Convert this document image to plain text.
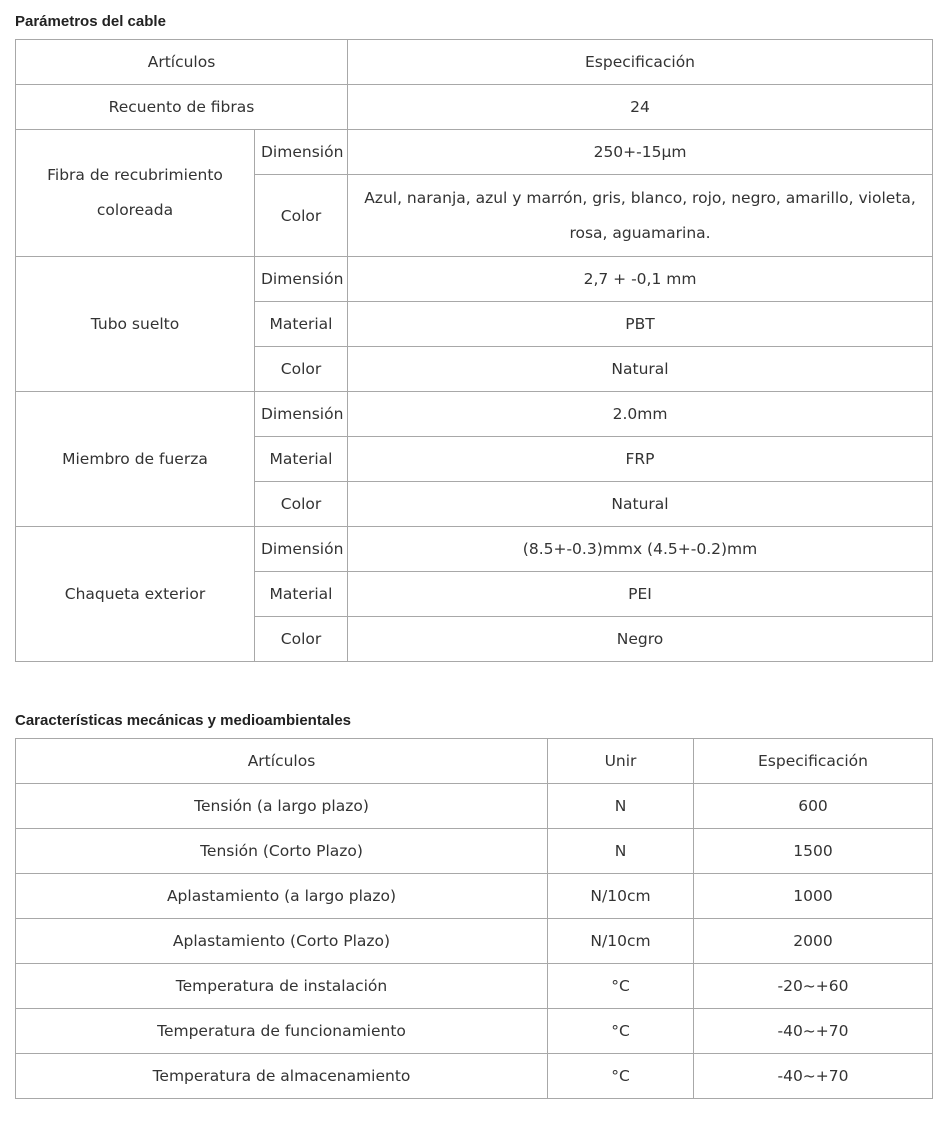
Parámetros del cable
Artículos		Especificación
Recuento de fibras		24
Fibra de recubrimiento coloreada	Dimensión	250+-15μm
	Color	Azul, naranja, azul y marrón, gris, blanco, rojo, negro, amarillo, violeta, rosa, aguamarina.
Tubo suelto	Dimensión	2,7 + -0,1 mm
	Material	PBT
	Color	Natural
Miembro de fuerza	Dimensión	2.0mm
	Material	FRP
	Color	Natural
Chaqueta exterior	Dimensión	(8.5+-0.3)mmx (4.5+-0.2)mm
	Material	PEI
	Color	Negro
Características mecánicas y medioambientales
Artículos	Unir	Especificación
Tensión (a largo plazo)	N	600
Tensión (Corto Plazo)	N	1500
Aplastamiento (a largo plazo)	N/10cm	1000
Aplastamiento (Corto Plazo)	N/10cm	2000
Temperatura de instalación	°C	-20~+60
Temperatura de funcionamiento	°C	-40~+70
Temperatura de almacenamiento	°C	-40~+70
